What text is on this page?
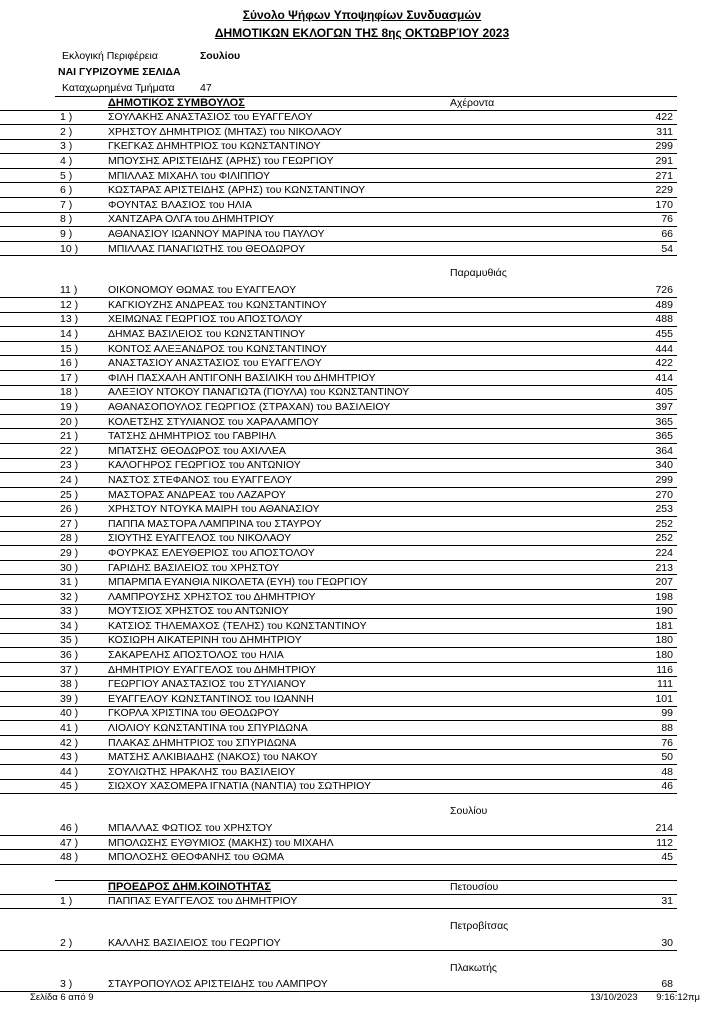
Σύνολο Ψήφων Υποψηφίων Συνδυασμών
ΔΗΜΟΤΙΚΩΝ ΕΚΛΟΓΩΝ ΤΗΣ 8ης ΟΚΤΩΒΡΊΟΥ 2023
Εκλογική Περιφέρεια	Σουλίου
ΝΑΙ ΓΥΡΙΖΟΥΜΕ ΣΕΛΙΔΑ
Καταχωρημένα Τμήματα	47
ΔΗΜΟΤΙΚΟΣ ΣΥΜΒΟΥΛΟΣ	Αχέροντα
1 )	ΣΟΥΛΑΚΗΣ ΑΝΑΣΤΑΣΙΟΣ του ΕΥΑΓΓΕΛΟΥ	422
2 )	ΧΡΗΣΤΟΥ ΔΗΜΗΤΡΙΟΣ (ΜΗΤΑΣ) του ΝΙΚΟΛΑΟΥ	311
3 )	ΓΚΕΓΚΑΣ ΔΗΜΗΤΡΙΟΣ του ΚΩΝΣΤΑΝΤΙΝΟΥ	299
4 )	ΜΠΟΥΣΗΣ ΑΡΙΣΤΕΙΔΗΣ (ΑΡΗΣ) του ΓΕΩΡΓΙΟΥ	291
5 )	ΜΠΙΛΛΑΣ ΜΙΧΑΗΛ του ΦΙΛΙΠΠΟΥ	271
6 )	ΚΩΣΤΑΡΑΣ ΑΡΙΣΤΕΙΔΗΣ (ΑΡΗΣ) του ΚΩΝΣΤΑΝΤΙΝΟΥ	229
7 )	ΦΟΥΝΤΑΣ ΒΛΑΣΙΟΣ του ΗΛΙΑ	170
8 )	ΧΑΝΤΖΑΡΑ ΟΛΓΑ του ΔΗΜΗΤΡΙΟΥ	76
9 )	ΑΘΑΝΑΣΙΟΥ ΙΩΑΝΝΟΥ ΜΑΡΙΝΑ του ΠΑΥΛΟΥ	66
10 )	ΜΠΙΛΛΑΣ ΠΑΝΑΓΙΩΤΗΣ του ΘΕΟΔΩΡΟΥ	54
Παραμυθιάς
11 )	ΟΙΚΟΝΟΜΟΥ ΘΩΜΑΣ του ΕΥΑΓΓΕΛΟΥ	726
12 )	ΚΑΓΚΙΟΥΖΗΣ ΑΝΔΡΕΑΣ του ΚΩΝΣΤΑΝΤΙΝΟΥ	489
13 )	ΧΕΙΜΩΝΑΣ ΓΕΩΡΓΙΟΣ του ΑΠΟΣΤΟΛΟΥ	488
14 )	ΔΗΜΑΣ ΒΑΣΙΛΕΙΟΣ του ΚΩΝΣΤΑΝΤΙΝΟΥ	455
15 )	ΚΟΝΤΟΣ ΑΛΕΞΑΝΔΡΟΣ του ΚΩΝΣΤΑΝΤΙΝΟΥ	444
16 )	ΑΝΑΣΤΑΣΙΟΥ ΑΝΑΣΤΑΣΙΟΣ του ΕΥΑΓΓΕΛΟΥ	422
17 )	ΦΙΛΗ ΠΑΣΧΑΛΗ ΑΝΤΙΓΟΝΗ ΒΑΣΙΛΙΚΗ του ΔΗΜΗΤΡΙΟΥ	414
18 )	ΑΛΕΞΙΟΥ ΝΤΟΚΟΥ ΠΑΝΑΓΙΩΤΑ (ΓΙΟΥΛΑ) του ΚΩΝΣΤΑΝΤΙΝΟΥ	405
19 )	ΑΘΑΝΑΣΟΠΟΥΛΟΣ ΓΕΩΡΓΙΟΣ (ΣΤΡΑΧΑΝ) του ΒΑΣΙΛΕΙΟΥ	397
20 )	ΚΟΛΕΤΣΗΣ ΣΤΥΛΙΑΝΟΣ του ΧΑΡΑΛΑΜΠΟΥ	365
21 )	ΤΑΤΣΗΣ ΔΗΜΗΤΡΙΟΣ του ΓΑΒΡΙΗΛ	365
22 )	ΜΠΑΤΣΗΣ ΘΕΟΔΩΡΟΣ του ΑΧΙΛΛΕΑ	364
23 )	ΚΑΛΟΓΗΡΟΣ ΓΕΩΡΓΙΟΣ του ΑΝΤΩΝΙΟΥ	340
24 )	ΝΑΣΤΟΣ ΣΤΕΦΑΝΟΣ του ΕΥΑΓΓΕΛΟΥ	299
25 )	ΜΑΣΤΟΡΑΣ ΑΝΔΡΕΑΣ του ΛΑΖΑΡΟΥ	270
26 )	ΧΡΗΣΤΟΥ ΝΤΟΥΚΑ ΜΑΙΡΗ του ΑΘΑΝΑΣΙΟΥ	253
27 )	ΠΑΠΠΑ ΜΑΣΤΟΡΑ ΛΑΜΠΡΙΝΑ του ΣΤΑΥΡΟΥ	252
28 )	ΣΙΟΥΤΗΣ ΕΥΑΓΓΕΛΟΣ του ΝΙΚΟΛΑΟΥ	252
29 )	ΦΟΥΡΚΑΣ ΕΛΕΥΘΕΡΙΟΣ του ΑΠΟΣΤΟΛΟΥ	224
30 )	ΓΑΡΙΔΗΣ ΒΑΣΙΛΕΙΟΣ του ΧΡΗΣΤΟΥ	213
31 )	ΜΠΑΡΜΠΑ ΕΥΑΝΘΙΑ ΝΙΚΟΛΕΤΑ (ΕΥΗ) του ΓΕΩΡΓΙΟΥ	207
32 )	ΛΑΜΠΡΟΥΣΗΣ ΧΡΗΣΤΟΣ του ΔΗΜΗΤΡΙΟΥ	198
33 )	ΜΟΥΤΣΙΟΣ ΧΡΗΣΤΟΣ του ΑΝΤΩΝΙΟΥ	190
34 )	ΚΑΤΣΙΟΣ ΤΗΛΕΜΑΧΟΣ (ΤΕΛΗΣ) του ΚΩΝΣΤΑΝΤΙΝΟΥ	181
35 )	ΚΟΣΙΩΡΗ ΑΙΚΑΤΕΡΙΝΗ του ΔΗΜΗΤΡΙΟΥ	180
36 )	ΣΑΚΑΡΕΛΗΣ ΑΠΟΣΤΟΛΟΣ του ΗΛΙΑ	180
37 )	ΔΗΜΗΤΡΙΟΥ ΕΥΑΓΓΕΛΟΣ του ΔΗΜΗΤΡΙΟΥ	116
38 )	ΓΕΩΡΓΙΟΥ ΑΝΑΣΤΑΣΙΟΣ του ΣΤΥΛΙΑΝΟΥ	111
39 )	ΕΥΑΓΓΕΛΟΥ ΚΩΝΣΤΑΝΤΙΝΟΣ του ΙΩΑΝΝΗ	101
40 )	ΓΚΟΡΛΑ ΧΡΙΣΤΙΝΑ του ΘΕΟΔΩΡΟΥ	99
41 )	ΛΙΟΛΙΟΥ ΚΩΝΣΤΑΝΤΙΝΑ του ΣΠΥΡΙΔΩΝΑ	88
42 )	ΠΛΑΚΑΣ ΔΗΜΗΤΡΙΟΣ του ΣΠΥΡΙΔΩΝΑ	76
43 )	ΜΑΤΣΗΣ ΑΛΚΙΒΙΑΔΗΣ (ΝΑΚΟΣ) του ΝΑΚΟΥ	50
44 )	ΣΟΥΛΙΩΤΗΣ ΗΡΑΚΛΗΣ του ΒΑΣΙΛΕΙΟΥ	48
45 )	ΣΙΩΧΟΥ ΧΑΣΟΜΕΡΑ ΙΓΝΑΤΙΑ (ΝΑΝΤΙΑ) του ΣΩΤΗΡΙΟΥ	46
Σουλίου
46 )	ΜΠΑΛΛΑΣ ΦΩΤΙΟΣ του ΧΡΗΣΤΟΥ	214
47 )	ΜΠΟΛΩΣΗΣ ΕΥΘΥΜΙΟΣ (ΜΑΚΗΣ) του ΜΙΧΑΗΛ	112
48 )	ΜΠΟΛΟΣΗΣ ΘΕΟΦΑΝΗΣ του ΘΩΜΑ	45
ΠΡΟΕΔΡΟΣ ΔΗΜ.ΚΟΙΝΟΤΗΤΑΣ	Πετουσίου
1 )	ΠΑΠΠΑΣ ΕΥΑΓΓΕΛΟΣ του ΔΗΜΗΤΡΙΟΥ	31
Πετροβίτσας
2 )	ΚΑΛΛΗΣ ΒΑΣΙΛΕΙΟΣ του ΓΕΩΡΓΙΟΥ	30
Πλακωτής
3 )	ΣΤΑΥΡΟΠΟΥΛΟΣ ΑΡΙΣΤΕΙΔΗΣ του ΛΑΜΠΡΟΥ	68
Σελίδα 6 από 9	13/10/2023 9:16:12πμ
